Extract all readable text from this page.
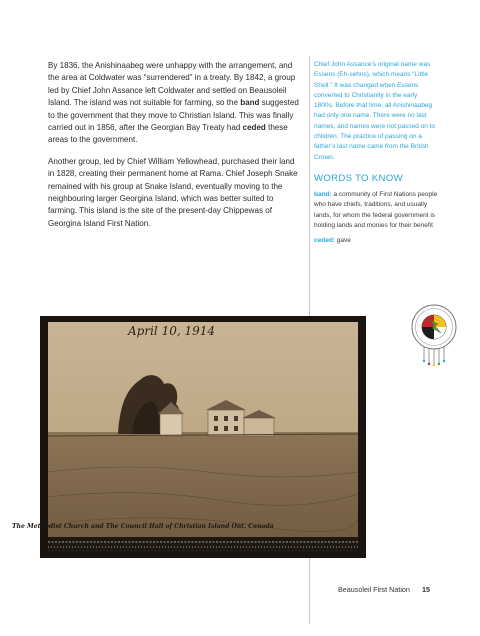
By 1836, the Anishinaabeg were unhappy with the arrangement, and the area at Coldwater was “surrendered” in a treaty. By 1842, a group led by Chief John Assance left Coldwater and settled on Beausoleil Island. The island was not suitable for farming, so the band suggested to the government that they move to Christian Island. This was finally carried out in 1856, after the Georgian Bay Treaty had ceded these areas to the government.

Another group, led by Chief William Yellowhead, purchased their land in 1828, creating their permanent home at Rama. Chief Joseph Snake remained with his group at Snake Island, eventually moving to the neighbouring larger Georgina Island, which was better suited to farming. This island is the site of the present-day Chippewas of Georgina Island First Nation.

Chief John Assance’s original name was Essens (Eh-sehns), which means “Little Shell.” It was changed when Essens converted to Christianity in the early 1800s. Before that time, all Anishinaabeg had only one name. There were no last names, and names were not passed on to children. The practice of passing on a father’s last name came from the British Crown.
WORDS TO KNOW
band: a community of First Nations people who have chiefs, traditions, and usually lands, for whom the federal government is holding lands and monies for their benefit
ceded: gave
April 10, 1914
The Methodist Church and The Council Hall of Christian Island Ont. Canada
Beausoleil First Nation 15
